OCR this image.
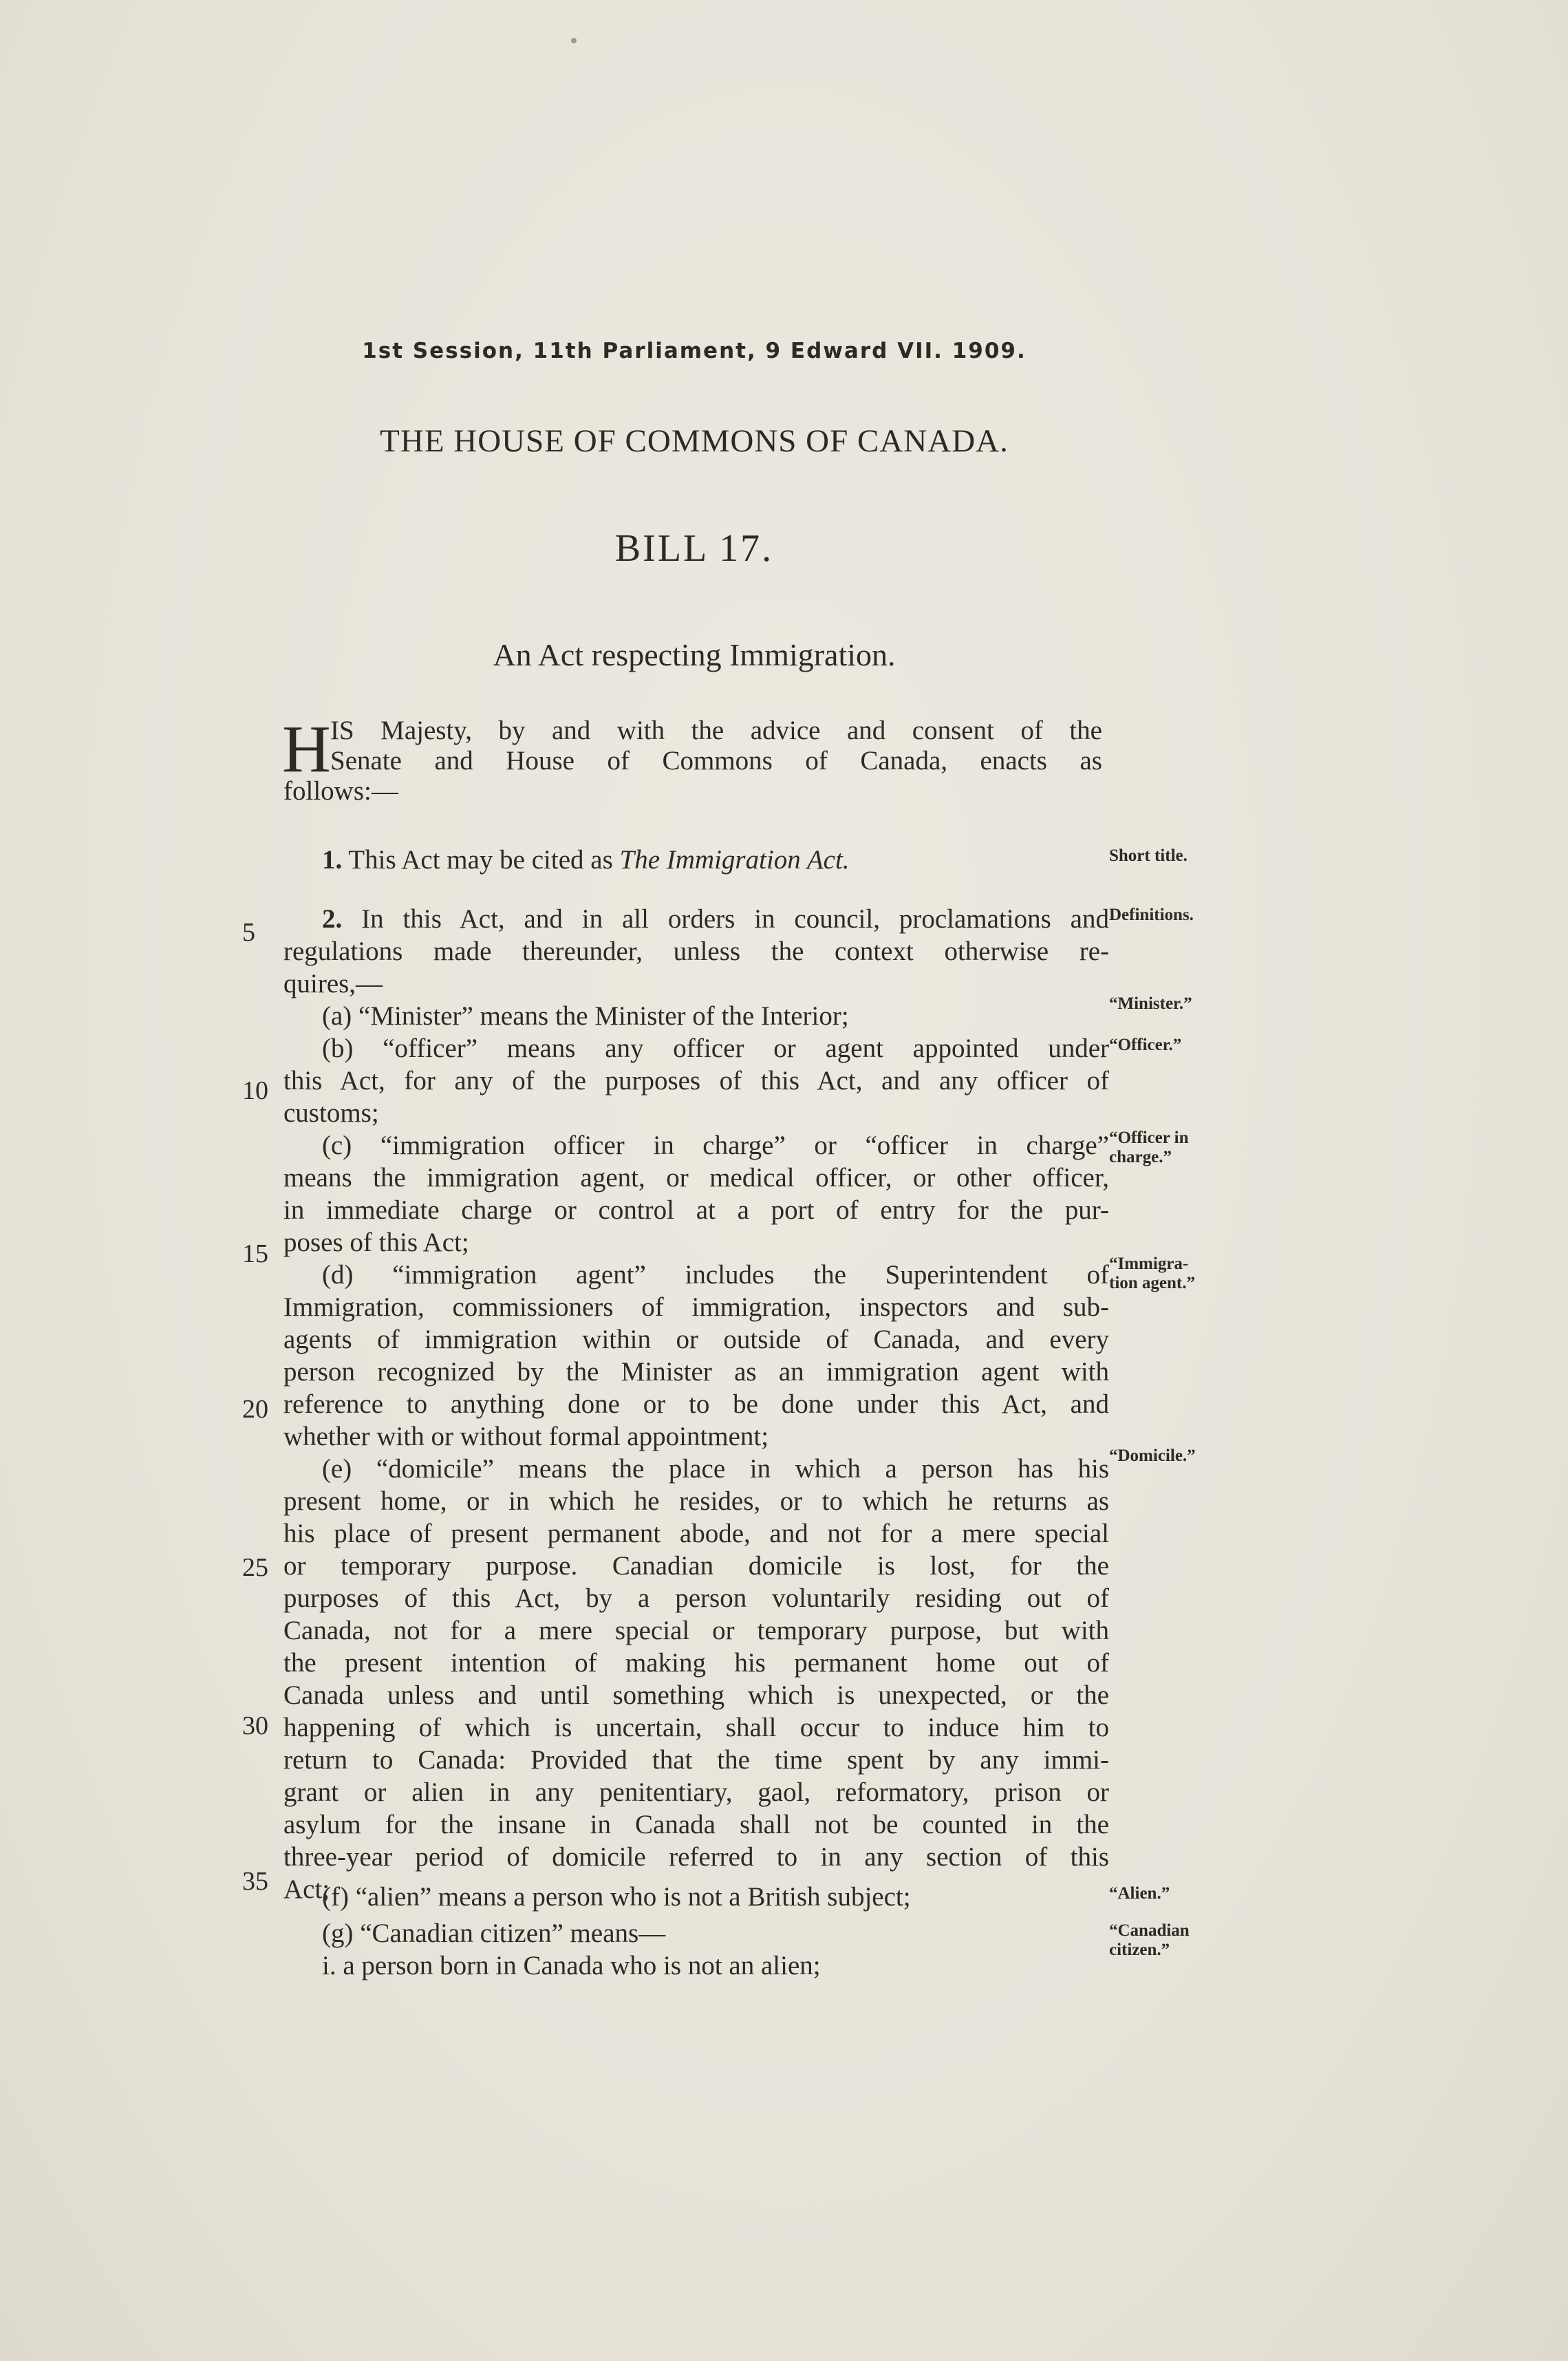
1st Session, 11th Parliament, 9 Edward VII. 1909.
THE HOUSE OF COMMONS OF CANADA.
BILL 17.
An Act respecting Immigration.
H IS Majesty, by and with the advice and consent of the
Senate and House of Commons of Canada, enacts as
follows:—
1. This Act may be cited as The Immigration Act.	Short title.
2. In this Act, and in all orders in council, proclamations and
regulations made thereunder, unless the context otherwise re-
quires,—
(a) “Minister” means the Minister of the Interior;
(b) “officer” means any officer or agent appointed under
this Act, for any of the purposes of this Act, and any officer of
customs;
(c) “immigration officer in charge” or “officer in charge”
means the immigration agent, or medical officer, or other officer,
in immediate charge or control at a port of entry for the pur-
poses of this Act;
(d) “immigration agent” includes the Superintendent of
Immigration, commissioners of immigration, inspectors and sub-
agents of immigration within or outside of Canada, and every
person recognized by the Minister as an immigration agent with
reference to anything done or to be done under this Act, and
whether with or without formal appointment;
(e) “domicile” means the place in which a person has his
present home, or in which he resides, or to which he returns as
his place of present permanent abode, and not for a mere special
or temporary purpose. Canadian domicile is lost, for the
purposes of this Act, by a person voluntarily residing out of
Canada, not for a mere special or temporary purpose, but with
the present intention of making his permanent home out of
Canada unless and until something which is unexpected, or the
happening of which is uncertain, shall occur to induce him to
return to Canada: Provided that the time spent by any immi-
grant or alien in any penitentiary, gaol, reformatory, prison or
asylum for the insane in Canada shall not be counted in the
three-year period of domicile referred to in any section of this
Act;
(f) “alien” means a person who is not a British subject;
(g) “Canadian citizen” means—
i. a person born in Canada who is not an alien;
Definitions.
“Minister.”
“Officer.”
“Officer in
charge.”
“Immigra-
tion agent.”
“Domicile.”
“Alien.”
“Canadian
citizen.”
5
10
15
20
25
30
35
